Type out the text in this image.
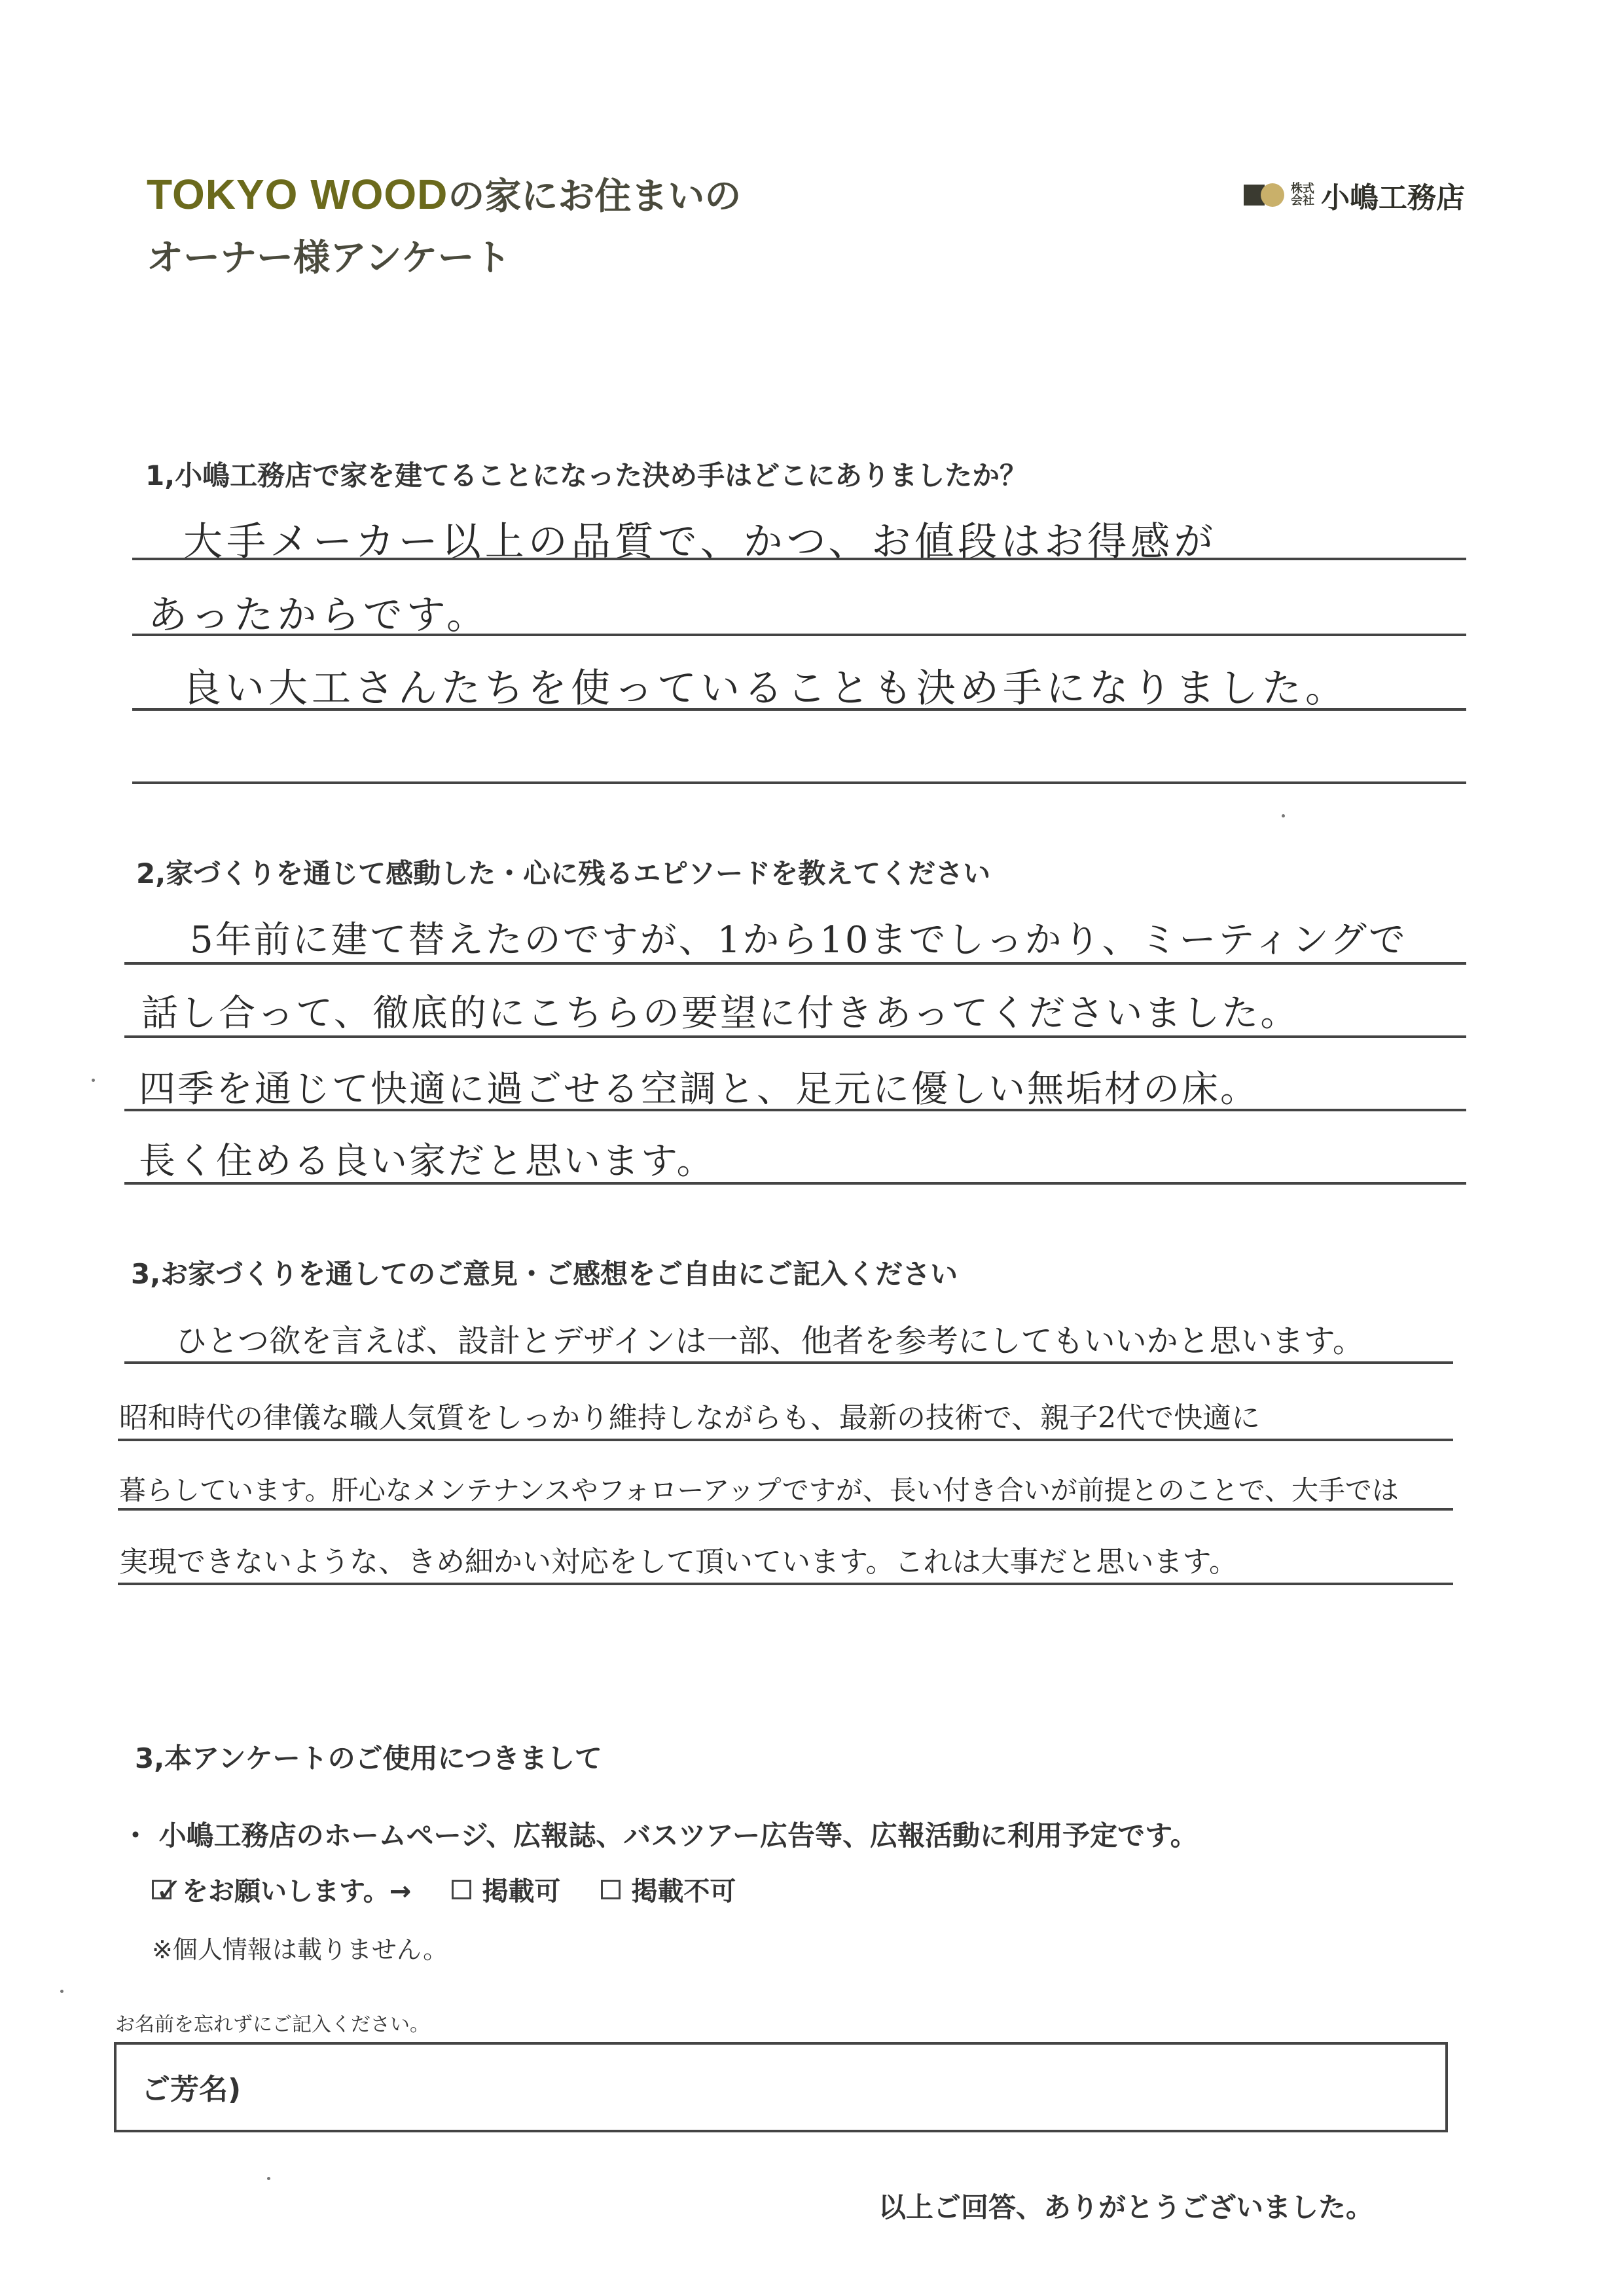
TOKYO WOODの家にお住まいの
オーナー様アンケート
株式会社 小嶋工務店
1,小嶋工務店で家を建てることになった決め手はどこにありましたか？
大手メーカー以上の品質で、かつ、お値段はお得感が
あったからです。
良い大工さんたちを使っていることも決め手になりました。
2,家づくりを通じて感動した・心に残るエピソードを教えてください
5年前に建て替えたのですが、1から10までしっかり、ミーティングで
話し合って、徹底的にこちらの要望に付きあってくださいました。
四季を通じて快適に過ごせる空調と、足元に優しい無垢材の床。
長く住める良い家だと思います。
3,お家づくりを通してのご意見・ご感想をご自由にご記入ください
ひとつ欲を言えば、設計とデザインは一部、他者を参考にしてもいいかと思います。
昭和時代の律儀な職人気質をしっかり維持しながらも、最新の技術で、親子2代で快適に
暮らしています。肝心なメンテナンスやフォローアップですが、長い付き合いが前提とのことで、大手では
実現できないような、きめ細かい対応をして頂いています。これは大事だと思います。
3,本アンケートのご使用につきまして
・ 小嶋工務店のホームページ、広報誌、バスツアー広告等、広報活動に利用予定です。
✓ をお願いします。→	掲載可	掲載不可
※個人情報は載りません。
お名前を忘れずにご記入ください。
ご芳名)
以上ご回答、ありがとうございました。
